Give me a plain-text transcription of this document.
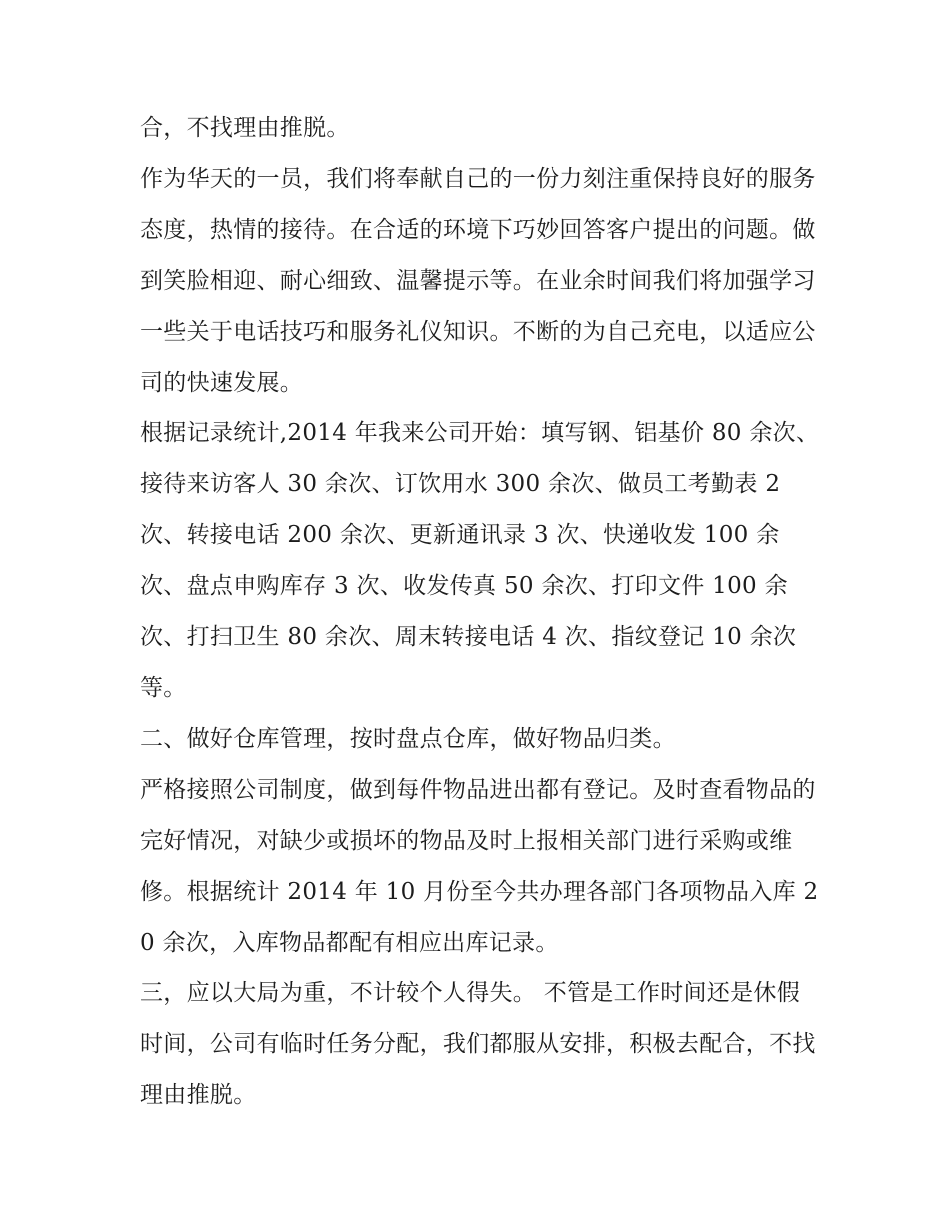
合，不找理由推脱。

作为华天的一员，我们将奉献自己的一份力刻注重保持良好的服务态度，热情的接待。在合适的环境下巧妙回答客户提出的问题。做到笑脸相迎、耐心细致、温馨提示等。在业余时间我们将加强学习一些关于电话技巧和服务礼仪知识。不断的为自己充电，以适应公司的快速发展。

根据记录统计,2014 年我来公司开始：填写钢、铝基价 80 余次、接待来访客人 30 余次、订饮用水 300 余次、做员工考勤表 2 次、转接电话 200 余次、更新通讯录 3 次、快递收发 100 余次、盘点申购库存 3 次、收发传真 50 余次、打印文件 100 余次、打扫卫生 80 余次、周末转接电话 4 次、指纹登记 10 余次等。

二、做好仓库管理，按时盘点仓库，做好物品归类。

严格接照公司制度，做到每件物品进出都有登记。及时查看物品的完好情况，对缺少或损坏的物品及时上报相关部门进行采购或维修。根据统计 2014 年 10 月份至今共办理各部门各项物品入库 20 余次，入库物品都配有相应出库记录。

三，应以大局为重，不计较个人得失。 不管是工作时间还是休假时间，公司有临时任务分配，我们都服从安排，积极去配合，不找理由推脱。
